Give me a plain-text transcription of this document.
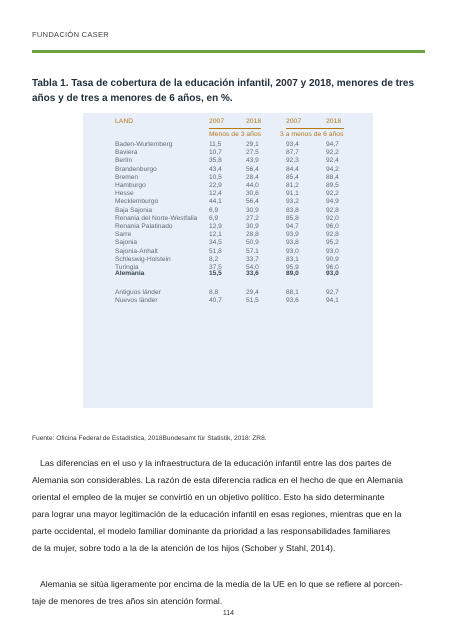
FUNDACIÓN CASER
Tabla 1. Tasa de cobertura de la educación infantil, 2007 y 2018, menores de tres años y de tres a menores de 6 años, en %.
LAND	2007	2018	2007	2018
Menos de 3 años	3 a menos de 6 años
Baden-Wurtemberg	11,5	29,1	93,4	94,7
Baviera	10,7	27,5	87,7	92,2
Berlín	35,8	43,9	92,3	92,4
Brandenburgo	43,4	56,4	84,4	94,2
Bremen	10,5	28,4	85,4	88,4
Hamburgo	22,9	44,0	81,2	89,5
Hesse	12,4	30,6	91,1	92,2
Mecklemburgo	44,1	56,4	93,2	94,9
Baja Sajonia	6,9	30,9	83,8	92,8
Renania del Norte-Westfalia 6,9	27,2	85,8	92,0
Renania Palatinado	12,9	30,9	94,7	96,0
Sarre	12,1	28,8	93,9	92,8
Sajonia	34,5	50,9	93,8	95,2
Sajonia-Anhalt	51,8	57,1	93,0	93,0
Schleswig-Holstein	8,2	33,7	83,1	90,9
Turingia	37,5	54,0	95,9	96,0
Alemania	15,5	33,6	89,0	93,0
Antiguos länder	8,8	29,4	88,1	92,7
Nuevos länder	40,7	51,5	93,6	94,1
Fuente: Oficina Federal de Estadística, 2018Bundesamt für Statistik, 2018: ZR8.
Las diferencias en el uso y la infraestructura de la educación infantil entre las dos partes de
Alemania son considerables. La razón de esta diferencia radica en el hecho de que en Alemania
oriental el empleo de la mujer se convirtió en un objetivo político. Esto ha sido determinante
para lograr una mayor legitimación de la educación infantil en esas regiones, mientras que en la
parte occidental, el modelo familiar dominante da prioridad a las responsabilidades familiares
de la mujer, sobre todo a la de la atención de los hijos (Schober y Stahl, 2014).
Alemania se sitúa ligeramente por encima de la media de la UE en lo que se refiere al porcen-
taje de menores de tres años sin atención formal.
114
